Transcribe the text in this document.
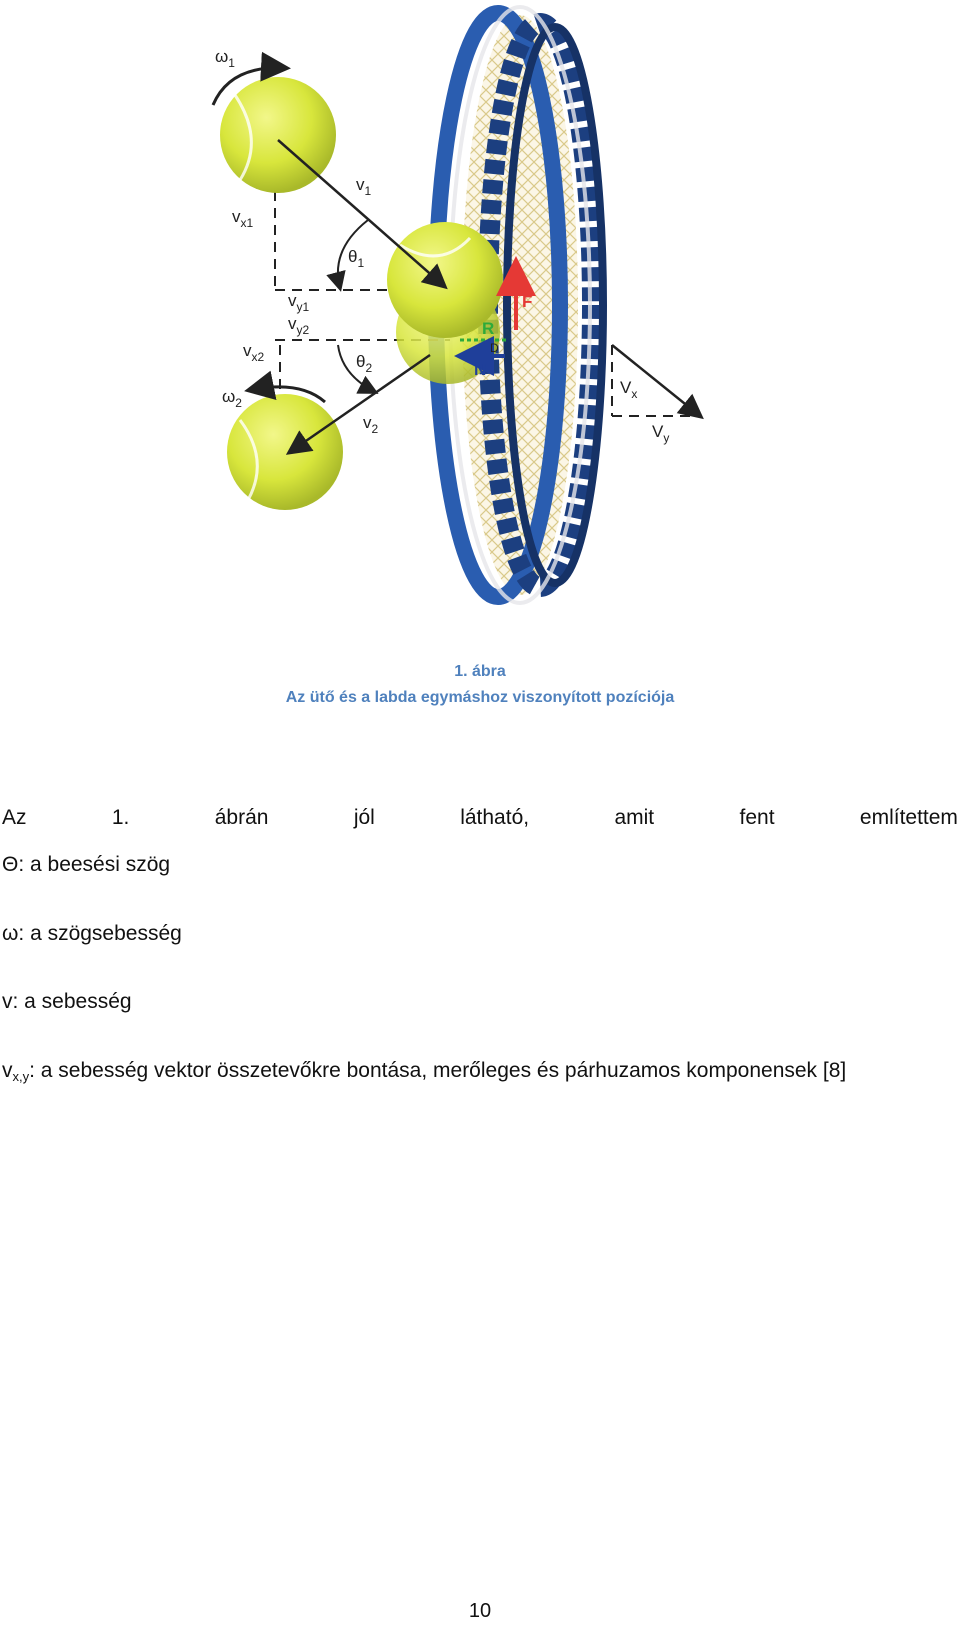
$\omega_1$
$v_1$
$v_{x1}$
$\theta_1$
$v_{y1}$
$v_{y2}$
$v_{x2}$	$\theta_2$
$\omega_2$
$v_2$
F
R
D
N
$V_x$
$V_y$
1. ábra
Az ütő és a labda egymáshoz viszonyított pozíciója
Az	1.	ábrán	jól	látható,	amit	fent	említettem
Θ: a beesési szög
ω: a szögsebesség
v: a sebesség
$v_{x,y}$: a sebesség vektor összetevőkre bontása, merőleges és párhuzamos komponensek [8]
10
